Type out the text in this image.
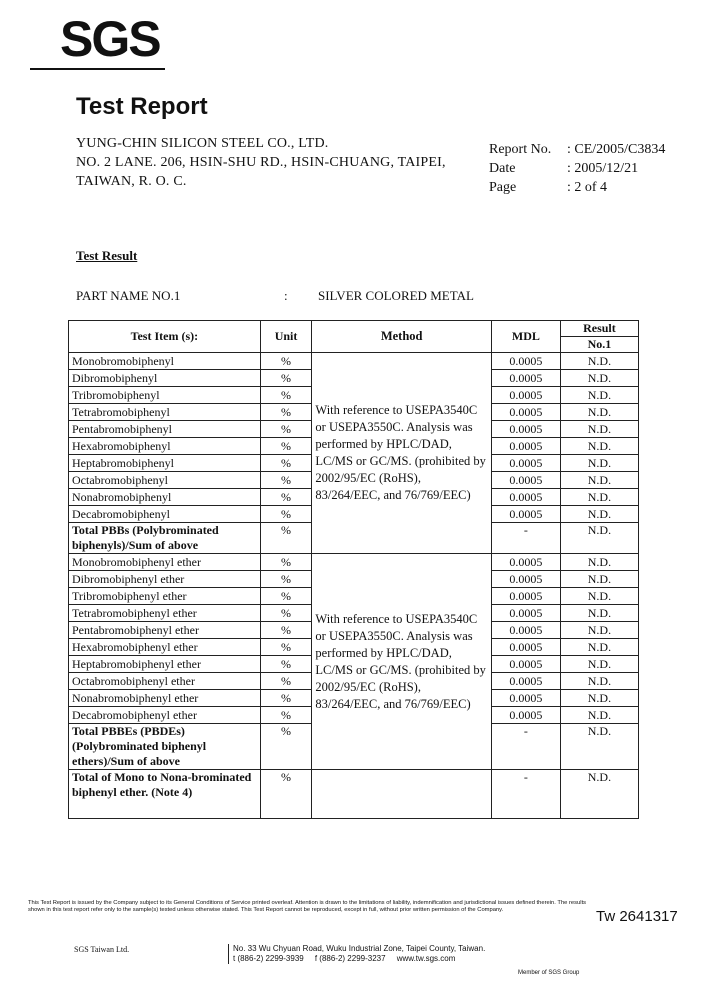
SGS
Test Report
YUNG-CHIN SILICON STEEL CO., LTD.
NO. 2 LANE. 206, HSIN-SHU RD., HSIN-CHUANG, TAIPEI,
TAIWAN, R. O. C.
Report No. : CE/2005/C3834
Date	: 2005/12/21
Page	: 2 of 4
Test Result
PART NAME NO.1	: SILVER COLORED METAL
Test Item (s):	Unit	Method	MDL	Result
				No.1
Monobromobiphenyl	%	With reference to USEPA3540C or USEPA3550C. Analysis was performed by HPLC/DAD, LC/MS or GC/MS. (prohibited by 2002/95/EC (RoHS), 83/264/EEC, and 76/769/EEC)	0.0005	N.D.
Dibromobiphenyl	%		0.0005	N.D.
Tribromobiphenyl	%		0.0005	N.D.
Tetrabromobiphenyl	%		0.0005	N.D.
Pentabromobiphenyl	%		0.0005	N.D.
Hexabromobiphenyl	%		0.0005	N.D.
Heptabromobiphenyl	%		0.0005	N.D.
Octabromobiphenyl	%		0.0005	N.D.
Nonabromobiphenyl	%		0.0005	N.D.
Decabromobiphenyl	%		0.0005	N.D.
Total PBBs (Polybrominated biphenyls)/Sum of above	%		-	N.D.
Monobromobiphenyl ether	%	With reference to USEPA3540C or USEPA3550C. Analysis was performed by HPLC/DAD, LC/MS or GC/MS. (prohibited by 2002/95/EC (RoHS), 83/264/EEC, and 76/769/EEC)	0.0005	N.D.
Dibromobiphenyl ether	%		0.0005	N.D.
Tribromobiphenyl ether	%		0.0005	N.D.
Tetrabromobiphenyl ether	%		0.0005	N.D.
Pentabromobiphenyl ether	%		0.0005	N.D.
Hexabromobiphenyl ether	%		0.0005	N.D.
Heptabromobiphenyl ether	%		0.0005	N.D.
Octabromobiphenyl ether	%		0.0005	N.D.
Nonabromobiphenyl ether	%		0.0005	N.D.
Decabromobiphenyl ether	%		0.0005	N.D.
Total PBBEs (PBDEs) (Polybrominated biphenyl ethers)/Sum of above	%		-	N.D.
Total of Mono to Nona-brominated biphenyl ether. (Note 4)	%		-	N.D.
This Test Report is issued by the Company subject to its General Conditions of Service printed overleaf. Attention is drawn to the limitations of liability, indemnification and jurisdictional issues defined therein. The results shown in this test report refer only to the sample(s) tested unless otherwise stated. This Test Report cannot be reproduced, except in full, without prior written permission of the Company.	Tw 2641317
SGS Taiwan Ltd.	No. 33 Wu Chyuan Road, Wuku Industrial Zone, Taipei County, Taiwan.
t (886-2) 2299-3939 f (886-2) 2299-3237 www.tw.sgs.com
Member of SGS Group
